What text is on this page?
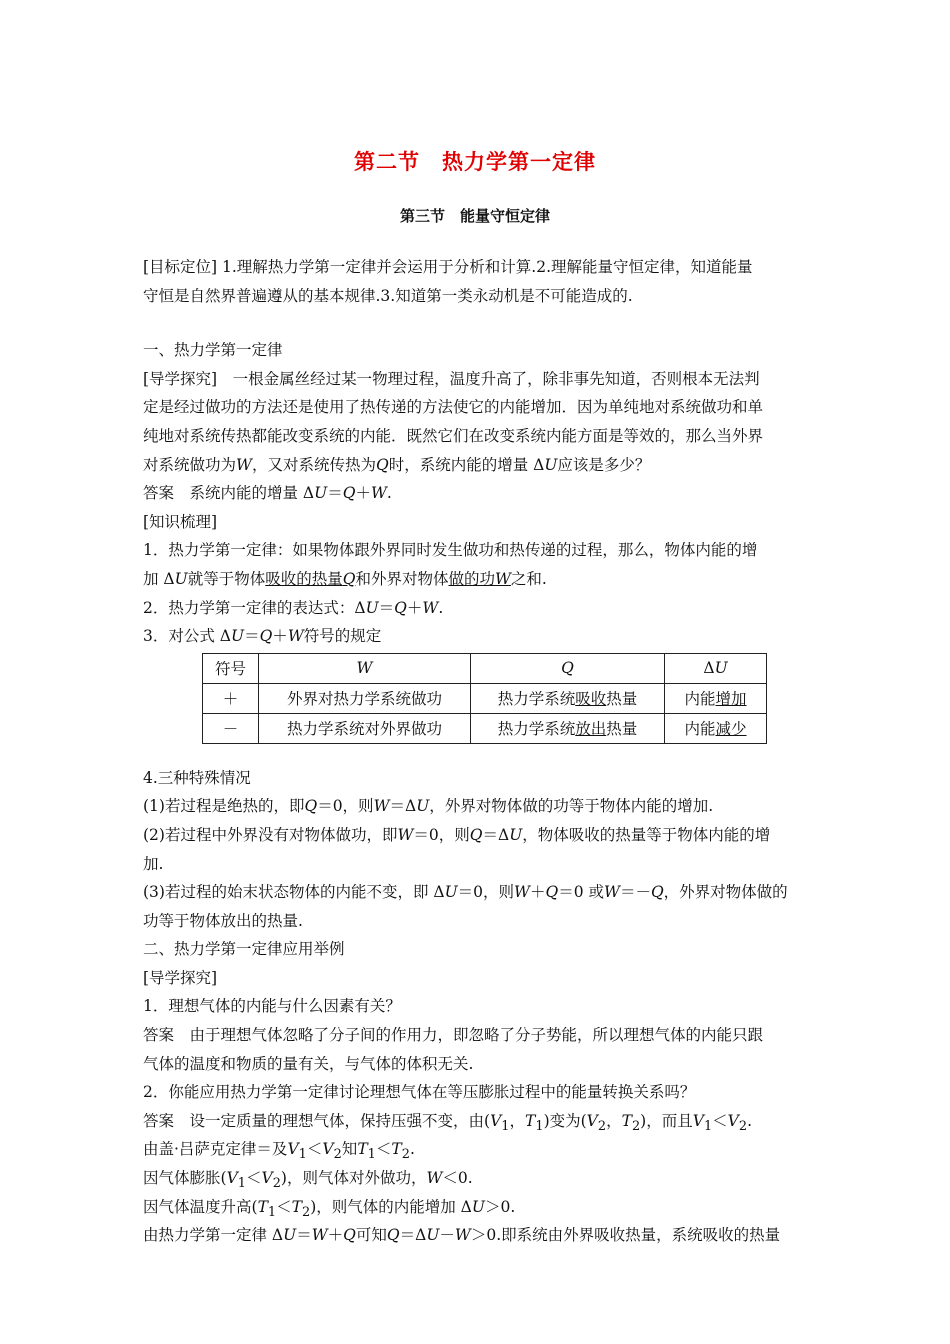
第二节　热力学第一定律
第三节　能量守恒定律
[目标定位] 1.理解热力学第一定律并会运用于分析和计算.2.理解能量守恒定律，知道能量
守恒是自然界普遍遵从的基本规律.3.知道第一类永动机是不可能造成的.
一、热力学第一定律
[导学探究]　一根金属丝经过某一物理过程，温度升高了，除非事先知道，否则根本无法判
定是经过做功的方法还是使用了热传递的方法使它的内能增加．因为单纯地对系统做功和单
纯地对系统传热都能改变系统的内能．既然它们在改变系统内能方面是等效的，那么当外界
对系统做功为W，又对系统传热为Q时，系统内能的增量 ΔU应该是多少？
答案　系统内能的增量 ΔU＝Q＋W.
[知识梳理]
1．热力学第一定律：如果物体跟外界同时发生做功和热传递的过程，那么，物体内能的增
加 ΔU就等于物体吸收的热量Q和外界对物体做的功W之和.
2．热力学第一定律的表达式：ΔU＝Q＋W.
3．对公式 ΔU＝Q＋W符号的规定
符号	W	Q	ΔU
＋	外界对热力学系统做功	热力学系统吸收热量	内能增加
－	热力学系统对外界做功	热力学系统放出热量	内能减少
4.三种特殊情况
(1)若过程是绝热的，即Q＝0，则W＝ΔU，外界对物体做的功等于物体内能的增加.
(2)若过程中外界没有对物体做功，即W＝0，则Q＝ΔU，物体吸收的热量等于物体内能的增
加.
(3)若过程的始末状态物体的内能不变，即 ΔU＝0，则W＋Q＝0 或W＝－Q，外界对物体做的
功等于物体放出的热量.
二、热力学第一定律应用举例
[导学探究]
1．理想气体的内能与什么因素有关？
答案　由于理想气体忽略了分子间的作用力，即忽略了分子势能，所以理想气体的内能只跟
气体的温度和物质的量有关，与气体的体积无关.
2．你能应用热力学第一定律讨论理想气体在等压膨胀过程中的能量转换关系吗？
答案　设一定质量的理想气体，保持压强不变，由($V_1$，$T_1$)变为($V_2$，$T_2$)，而且$V_1<V_2$.
由盖·吕萨克定律＝及$V_1<V_2$知$T_1<T_2$.
因气体膨胀$(V_1<V_2)$，则气体对外做功，W＜0.
因气体温度升高$(T_1<T_2)$，则气体的内能增加 ΔU＞0.
由热力学第一定律 ΔU＝W＋Q可知Q＝ΔU－W＞0.即系统由外界吸收热量，系统吸收的热量
